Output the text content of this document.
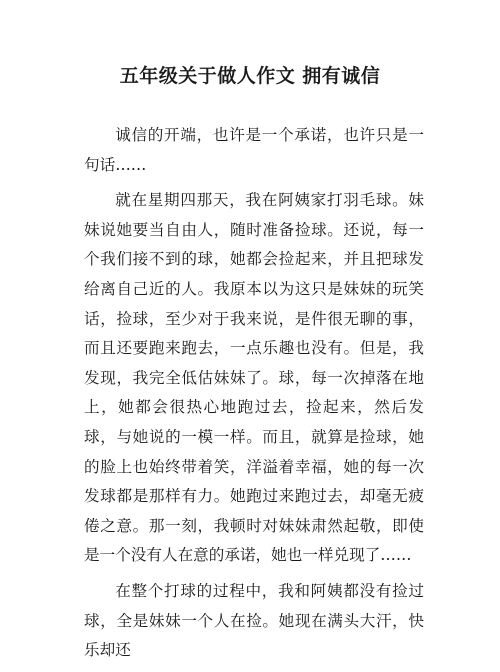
五年级关于做人作文 拥有诚信

诚信的开端，也许是一个承诺，也许只是一句话……

就在星期四那天，我在阿姨家打羽毛球。妹妹说她要当自由人，随时准备捡球。还说，每一个我们接不到的球，她都会捡起来，并且把球发给离自己近的人。我原本以为这只是妹妹的玩笑话，捡球，至少对于我来说，是件很无聊的事，而且还要跑来跑去，一点乐趣也没有。但是，我发现，我完全低估妹妹了。球，每一次掉落在地上，她都会很热心地跑过去，捡起来，然后发球，与她说的一模一样。而且，就算是捡球，她的脸上也始终带着笑，洋溢着幸福，她的每一次发球都是那样有力。她跑过来跑过去，却毫无疲倦之意。那一刻，我顿时对妹妹肃然起敬，即使是一个没有人在意的承诺，她也一样兑现了……

在整个打球的过程中，我和阿姨都没有捡过球，全是妹妹一个人在捡。她现在满头大汗，快乐却还
